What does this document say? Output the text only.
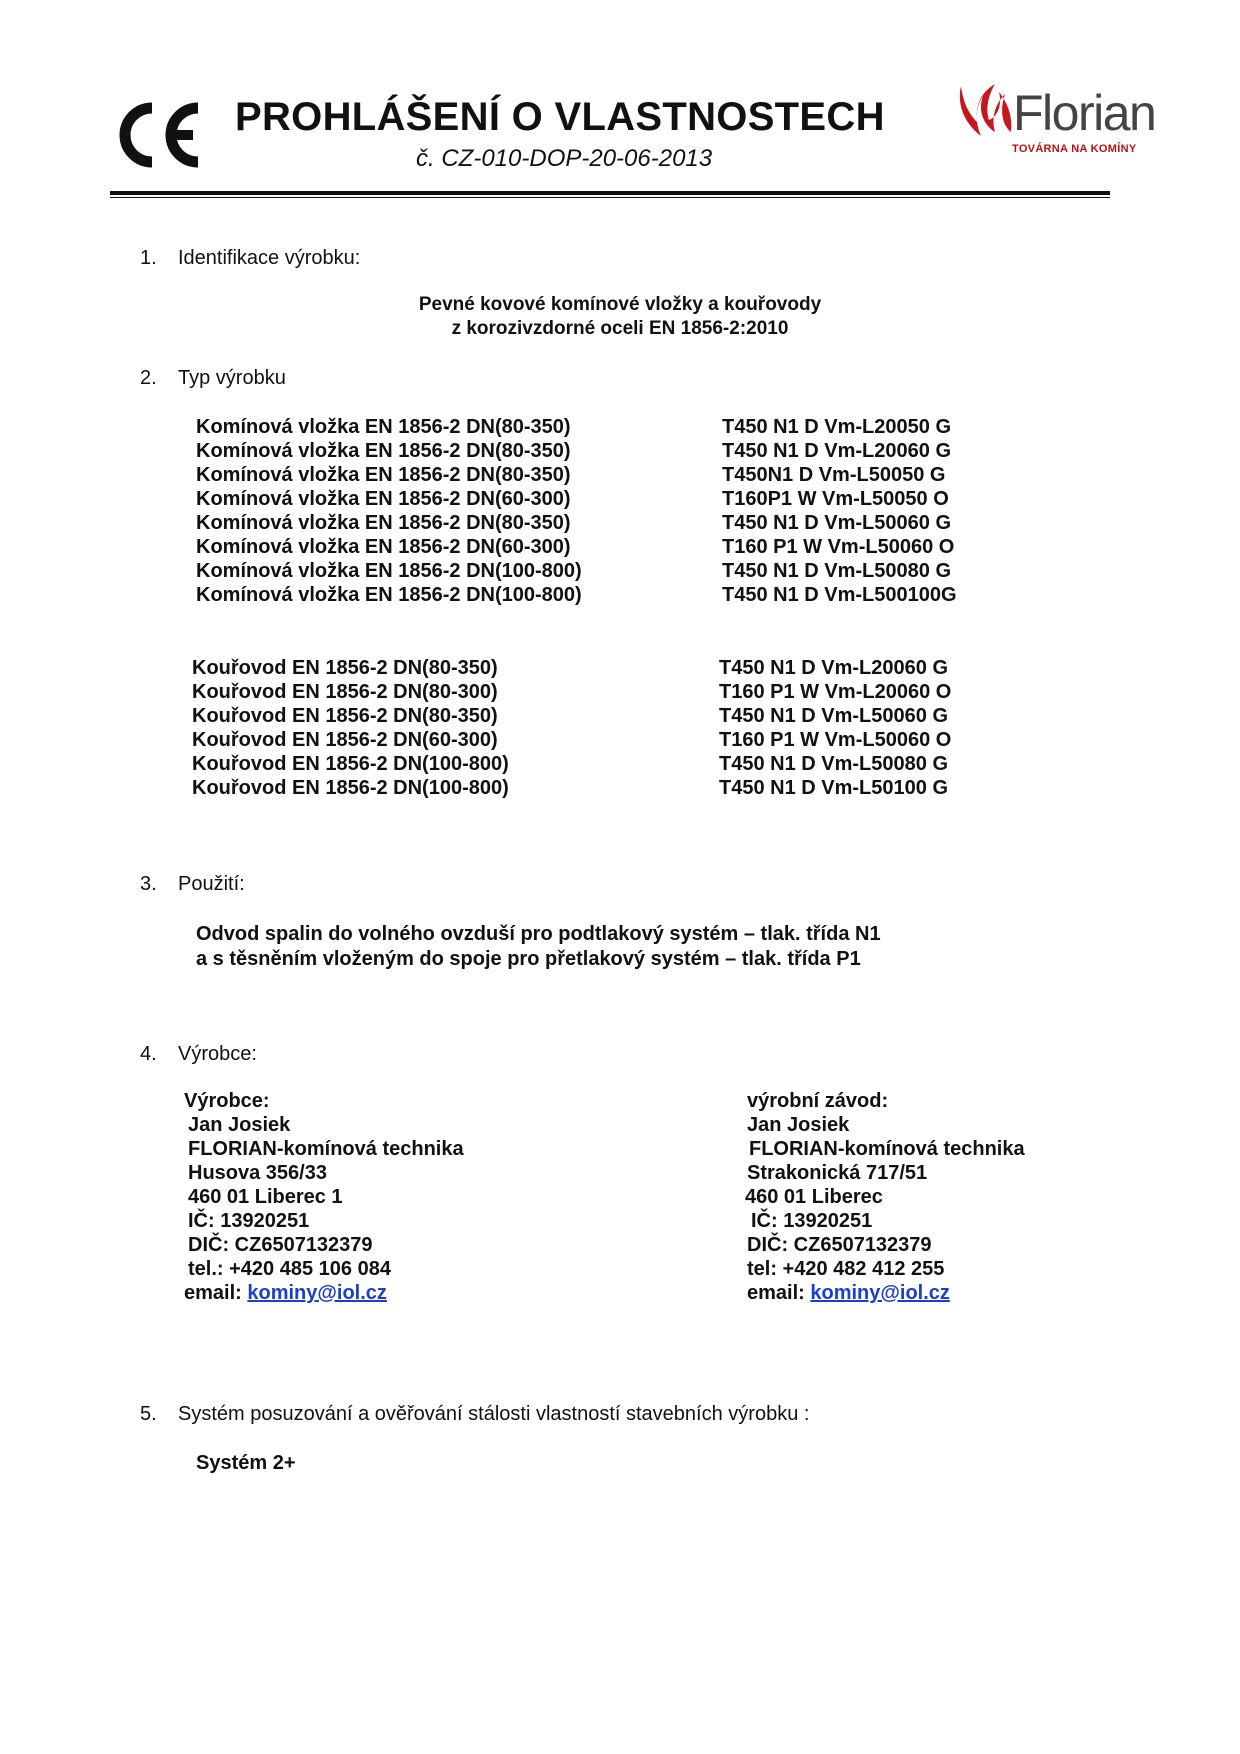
PROHLÁŠENÍ O VLASTNOSTECH
č. CZ-010-DOP-20-06-2013
Florian
TOVÁRNA NA KOMÍNY
1. Identifikace výrobku:
Pevné kovové komínové vložky a kouřovody
z korozivzdorné oceli EN 1856-2:2010
2. Typ výrobku
Komínová vložka EN 1856-2 DN(80-350)
Komínová vložka EN 1856-2 DN(80-350)
Komínová vložka EN 1856-2 DN(80-350)
Komínová vložka EN 1856-2 DN(60-300)
Komínová vložka EN 1856-2 DN(80-350)
Komínová vložka EN 1856-2 DN(60-300)
Komínová vložka EN 1856-2 DN(100-800)
Komínová vložka EN 1856-2 DN(100-800)
T450 N1 D Vm-L20050 G
T450 N1 D Vm-L20060 G
T450N1 D Vm-L50050 G
T160P1 W Vm-L50050 O
T450 N1 D Vm-L50060 G
T160 P1 W Vm-L50060 O
T450 N1 D Vm-L50080 G
T450 N1 D Vm-L500100G
Kouřovod EN 1856-2 DN(80-350)
Kouřovod EN 1856-2 DN(80-300)
Kouřovod EN 1856-2 DN(80-350)
Kouřovod EN 1856-2 DN(60-300)
Kouřovod EN 1856-2 DN(100-800)
Kouřovod EN 1856-2 DN(100-800)
T450 N1 D Vm-L20060 G
T160 P1 W Vm-L20060 O
T450 N1 D Vm-L50060 G
T160 P1 W Vm-L50060 O
T450 N1 D Vm-L50080 G
T450 N1 D Vm-L50100 G
3. Použití:
Odvod spalin do volného ovzduší pro podtlakový systém – tlak. třída N1
a s těsněním vloženým do spoje pro přetlakový systém – tlak. třída P1
4. Výrobce:
Výrobce:
Jan Josiek
FLORIAN-komínová technika
Husova 356/33
460 01 Liberec 1
IČ: 13920251
DIČ: CZ6507132379
tel.: +420 485 106 084
email: kominy@iol.cz
výrobní závod:
Jan Josiek
FLORIAN-komínová technika
Strakonická 717/51
460 01 Liberec
IČ: 13920251
DIČ: CZ6507132379
tel: +420 482 412 255
email: kominy@iol.cz
5. Systém posuzování a ověřování stálosti vlastností stavebních výrobku :
Systém 2+
